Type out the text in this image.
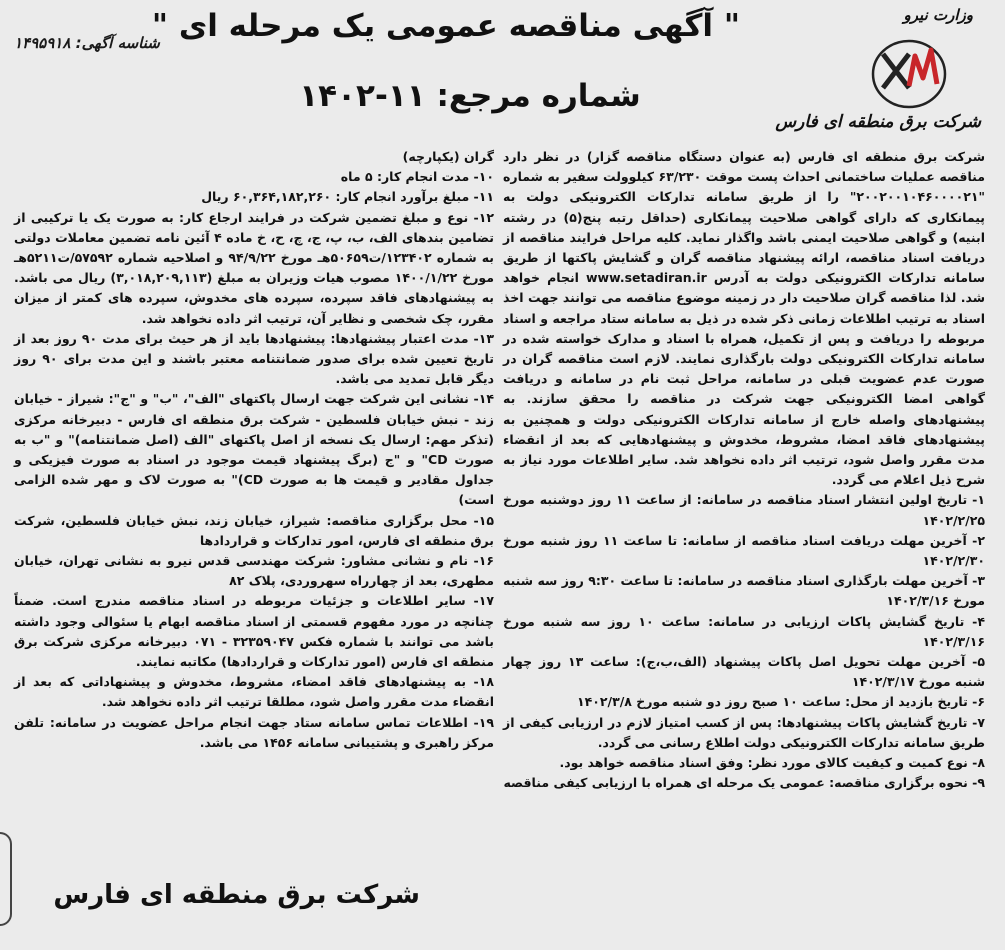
شناسه آگهی: ۱۴۹۵۹۱۸
وزارت نیرو
شرکت برق منطقه ای فارس
" آگهی مناقصه عمومی یک مرحله ای "
شماره مرجع: ۱۱-۱۴۰۲

شرکت برق منطقه ای فارس (به عنوان دستگاه مناقصه گزار) در نظر دارد مناقصه عملیات ساختمانی احداث پست موقت ۶۳/۲۳۰ کیلوولت سفیر به شماره "۲۰۰۲۰۰۱۰۴۶۰۰۰۰۲۱" را از طریق سامانه تدارکات الکترونیکی دولت به پیمانکاری که دارای گواهی صلاحیت پیمانکاری (حداقل رتبه پنج(۵) در رشته ابنیه) و گواهی صلاحیت ایمنی باشد واگذار نماید. کلیه مراحل فرایند مناقصه از دریافت اسناد مناقصه، ارائه پیشنهاد مناقصه گران و گشایش پاکتها از طریق سامانه تدارکات الکترونیکی دولت به آدرس www.setadiran.ir انجام خواهد شد. لذا مناقصه گران صلاحیت دار در زمینه موضوع مناقصه می توانند جهت اخذ اسناد به ترتیب اطلاعات زمانی ذکر شده در ذیل به سامانه ستاد مراجعه و اسناد مربوطه را دریافت و پس از تکمیل، همراه با اسناد و مدارک خواسته شده در سامانه تدارکات الکترونیکی دولت بارگذاری نمایند. لازم است مناقصه گران در صورت عدم عضویت قبلی در سامانه، مراحل ثبت نام در سامانه و دریافت گواهی امضا الکترونیکی جهت شرکت در مناقصه را محقق سازند. به پیشنهادهای واصله خارج از سامانه تدارکات الکترونیکی دولت و همچنین به پیشنهادهای فاقد امضا، مشروط، مخدوش و پیشنهادهایی که بعد از انقضاء مدت مقرر واصل شود، ترتیب اثر داده نخواهد شد. سایر اطلاعات مورد نیاز به شرح ذیل اعلام می گردد.

۱- تاریخ اولین انتشار اسناد مناقصه در سامانه: از ساعت ۱۱ روز دوشنبه مورخ ۱۴۰۲/۲/۲۵

۲- آخرین مهلت دریافت اسناد مناقصه از سامانه: تا ساعت ۱۱ روز شنبه مورخ ۱۴۰۲/۲/۳۰

۳- آخرین مهلت بارگذاری اسناد مناقصه در سامانه: تا ساعت ۹:۳۰ روز سه شنبه مورخ ۱۴۰۲/۳/۱۶

۴- تاریخ گشایش پاکات ارزیابی در سامانه: ساعت ۱۰ روز سه شنبه مورخ ۱۴۰۲/۳/۱۶

۵- آخرین مهلت تحویل اصل پاکات پیشنهاد (الف،ب،ج): ساعت ۱۳ روز چهار شنبه مورخ ۱۴۰۲/۳/۱۷

۶- تاریخ بازدید از محل: ساعت ۱۰ صبح روز دو شنبه مورخ ۱۴۰۲/۳/۸

۷- تاریخ گشایش پاکات پیشنهادها: پس از کسب امتیاز لازم در ارزیابی کیفی از طریق سامانه تدارکات الکترونیکی دولت اطلاع رسانی می گردد.

۸- نوع کمیت و کیفیت کالای مورد نظر: وفق اسناد مناقصه خواهد بود.

۹- نحوه برگزاری مناقصه: عمومی یک مرحله ای همراه با ارزیابی کیفی مناقصه

گران (یکپارچه)

۱۰- مدت انجام کار: ۵ ماه

۱۱- مبلغ برآورد انجام کار: ۶۰,۳۶۴,۱۸۲,۲۶۰ ریال

۱۲- نوع و مبلغ تضمین شرکت در فرایند ارجاع کار: به صورت یک یا ترکیبی از تضامین بندهای الف، ب، پ، ج، چ، ح، خ ماده ۴ آئین نامه تضمین معاملات دولتی به شماره ۱۲۳۴۰۲/ت۵۰۶۵۹هـ مورخ ۹۴/۹/۲۲ و اصلاحیه شماره ۵۷۵۹۲/ت۵۲۱۱هـ مورخ ۱۴۰۰/۱/۲۲ مصوب هیات وزیران به مبلغ (۳,۰۱۸,۲۰۹,۱۱۳) ریال می باشد. به پیشنهادهای فاقد سپرده، سپرده های مخدوش، سپرده های کمتر از میزان مقرر، چک شخصی و نظایر آن، ترتیب اثر داده نخواهد شد.

۱۳- مدت اعتبار پیشنهادها: پیشنهادها باید از هر حیث برای مدت ۹۰ روز بعد از تاریخ تعیین شده برای صدور ضمانتنامه معتبر باشند و این مدت برای ۹۰ روز دیگر قابل تمدید می باشد.

۱۴- نشانی این شرکت جهت ارسال پاکتهای "الف"، "ب" و "ج": شیراز - خیابان زند - نبش خیابان فلسطین - شرکت برق منطقه ای فارس - دبیرخانه مرکزی (تذکر مهم: ارسال یک نسخه از اصل پاکتهای "الف (اصل ضمانتنامه)" و "ب به صورت CD" و "ج (برگ پیشنهاد قیمت موجود در اسناد به صورت فیزیکی و جداول مقادیر و قیمت ها به صورت CD)" به صورت لاک و مهر شده الزامی است)

۱۵- محل برگزاری مناقصه: شیراز، خیابان زند، نبش خیابان فلسطین، شرکت برق منطقه ای فارس، امور تدارکات و قراردادها

۱۶- نام و نشانی مشاور: شرکت مهندسی قدس نیرو به نشانی تهران، خیابان مطهری، بعد از چهارراه سهروردی، پلاک ۸۲

۱۷- سایر اطلاعات و جزئیات مربوطه در اسناد مناقصه مندرج است. ضمناً چنانچه در مورد مفهوم قسمتی از اسناد مناقصه ابهام یا سئوالی وجود داشته باشد می توانند با شماره فکس ۳۲۳۵۹۰۴۷ - ۰۷۱ دبیرخانه مرکزی شرکت برق منطقه ای فارس (امور تدارکات و قراردادها) مکاتبه نمایند.

۱۸- به پیشنهادهای فاقد امضاء، مشروط، مخدوش و پیشنهاداتی که بعد از انقضاء مدت مقرر واصل شود، مطلقا ترتیب اثر داده نخواهد شد.

۱۹- اطلاعات تماس سامانه ستاد جهت انجام مراحل عضویت در سامانه: تلفن مرکز راهبری و پشتیبانی سامانه ۱۴۵۶ می باشد.

شرکت برق منطقه ای فارس
